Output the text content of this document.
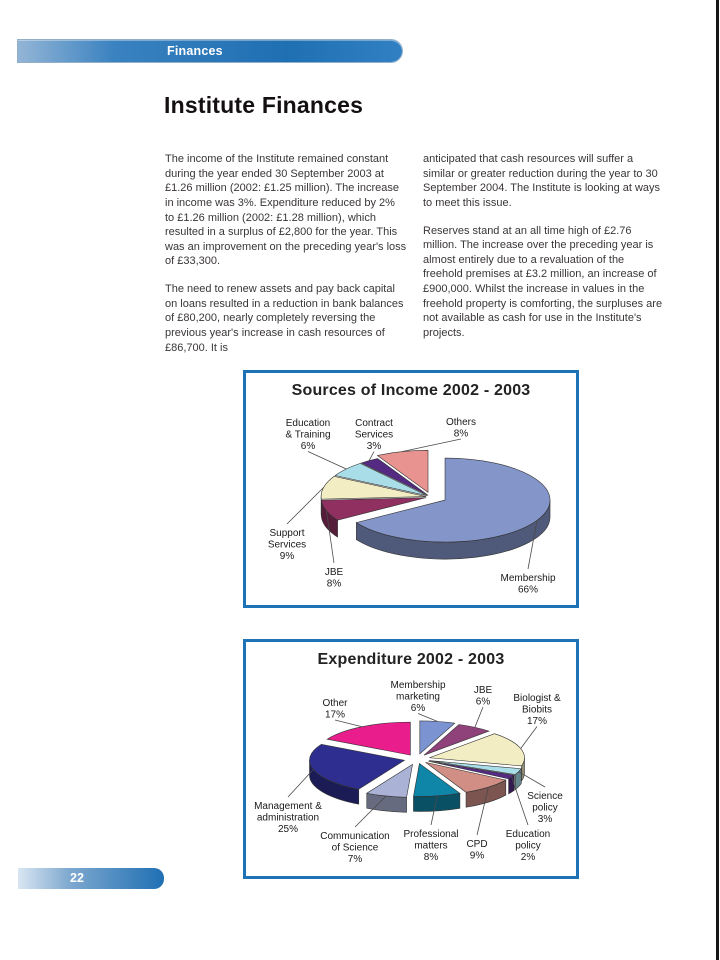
Finances
Institute Finances

The income of the Institute remained constant during the year ended 30 September 2003 at £1.26 million (2002: £1.25 million). The increase in income was 3%. Expenditure reduced by 2% to £1.26 million (2002: £1.28 million), which resulted in a surplus of £2,800 for the year. This was an improvement on the preceding year's loss of £33,300.

The need to renew assets and pay back capital on loans resulted in a reduction in bank balances of £80,200, nearly completely reversing the previous year's increase in cash resources of £86,700. It is

anticipated that cash resources will suffer a similar or greater reduction during the year to 30 September 2004. The Institute is looking at ways to meet this issue.

Reserves stand at an all time high of £2.76 million. The increase over the preceding year is almost entirely due to a revaluation of the freehold premises at £3.2 million, an increase of £900,000. Whilst the increase in values in the freehold property is comforting, the surpluses are not available as cash for use in the Institute's projects.

Sources of Income 2002 - 2003
Membership 66%
JBE 8%
Support Services 9%
Education & Training 6%
Contract Services 3%
Others 8%
Expenditure 2002 - 2003
Membership marketing 6%
JBE 6% Biologist & Biobits 17%
Science policy 3%
Education policy 2%
CPD 9%
Professional matters 8%
Communication of Science 7%
Management & administration 25%
Other 17%
22
